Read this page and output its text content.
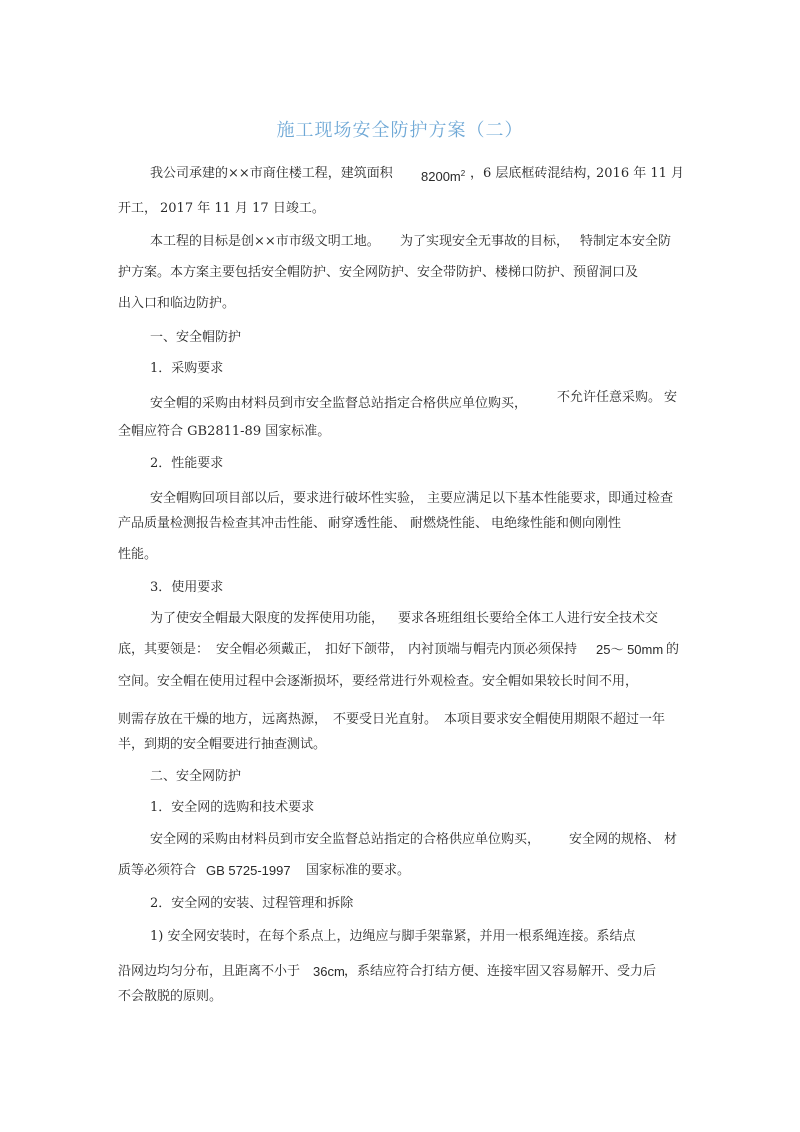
施工现场安全防护方案（二）
我公司承建的××市商住楼工程，建筑面积 $8200m^2$ ，6 层底框砖混结构，
2016 年 11 月
开工， 2017 年 11 月 17 日竣工。
本工程的目标是创××市市级文明工地。 为了实现安全无事故的目标， 特制定本安全防
护方案。本方案主要包括安全帽防护、安全网防护、安全带防护、楼梯口防护、预留洞口及
出入口和临边防护。
一、安全帽防护
1．采购要求
安全帽的采购由材料员到市安全监督总站指定合格供应单位购买， 不允许任意采购。 安
全帽应符合 GB2811-89 国家标准。
2．性能要求
安全帽购回项目部以后， 要求进行破坏性实验， 主要应满足以下基本性能要求，
即通过检查
产品质量检测报告检查其冲击性能、 耐穿透性能、 耐燃烧性能、 电绝缘性能和侧向刚性
性能。
3．使用要求
为了使安全帽最大限度的发挥使用功能， 要求各班组组长要给全体工人进行安全技术交
底，其要领是： 安全帽必须戴正， 扣好下颌带， 内衬顶端与帽壳内顶必须保持 25～ 50mm 的
空间。安全帽在使用过程中会逐渐损坏，要经常进行外观检查。安全帽如果较长时间不用，
则需存放在干燥的地方， 远离热源， 不要受日光直射。 本项目要求安全帽使用期限不超过一年
半，到期的安全帽要进行抽查测试。
二、安全网防护
1．安全网的选购和技术要求
安全网的采购由材料员到市安全监督总站指定的合格供应单位购买， 安全网的规格、 材
质等必须符合 GB 5725-1997 国家标准的要求。
2．安全网的安装、过程管理和拆除
1) 安全网安装时，在每个系点上，边绳应与脚手架靠紧，并用一根系绳连接。系结点
沿网边均匀分布，且距离不小于 36cm ，系结应符合打结方便、连接牢固又容易解开、受力后
不会散脱的原则。
